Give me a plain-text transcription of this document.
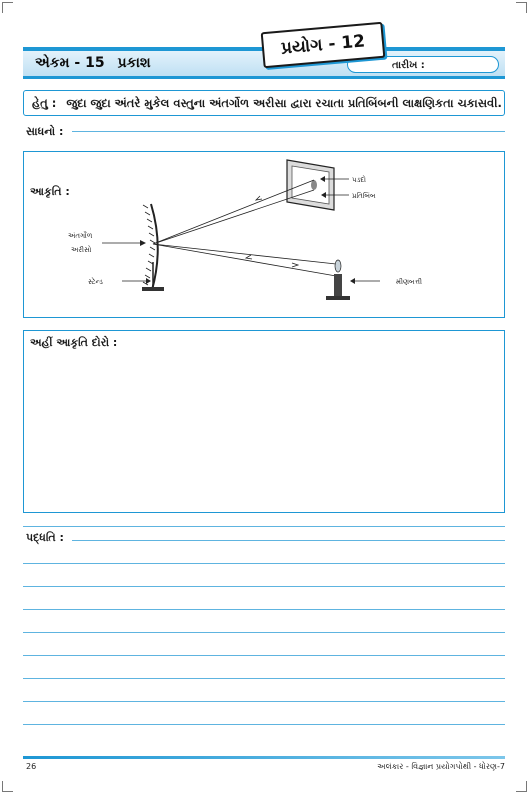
એકમ - 15 પ્રકાશ	તારીખ :
પ્રયોગ - 12
હેતુ : જુદા જુદા અંતરે મુકેલ વસ્તુના અંતર્ગોળ અરીસા દ્વારા રચાતા પ્રતિબિંબની લાક્ષણિકતા ચકાસવી.
સાધનો :
આકૃતિ :
અંતર્ગોળ
અરીસો
સ્ટેન્ડ
પડદો
પ્રતિબિંબ
મીણબત્તી
અહીં આકૃતિ દોરો :
પદ્ધતિ :
26	અલંકાર - વિજ્ઞાન પ્રયોગપોથી - ધોરણ-7
